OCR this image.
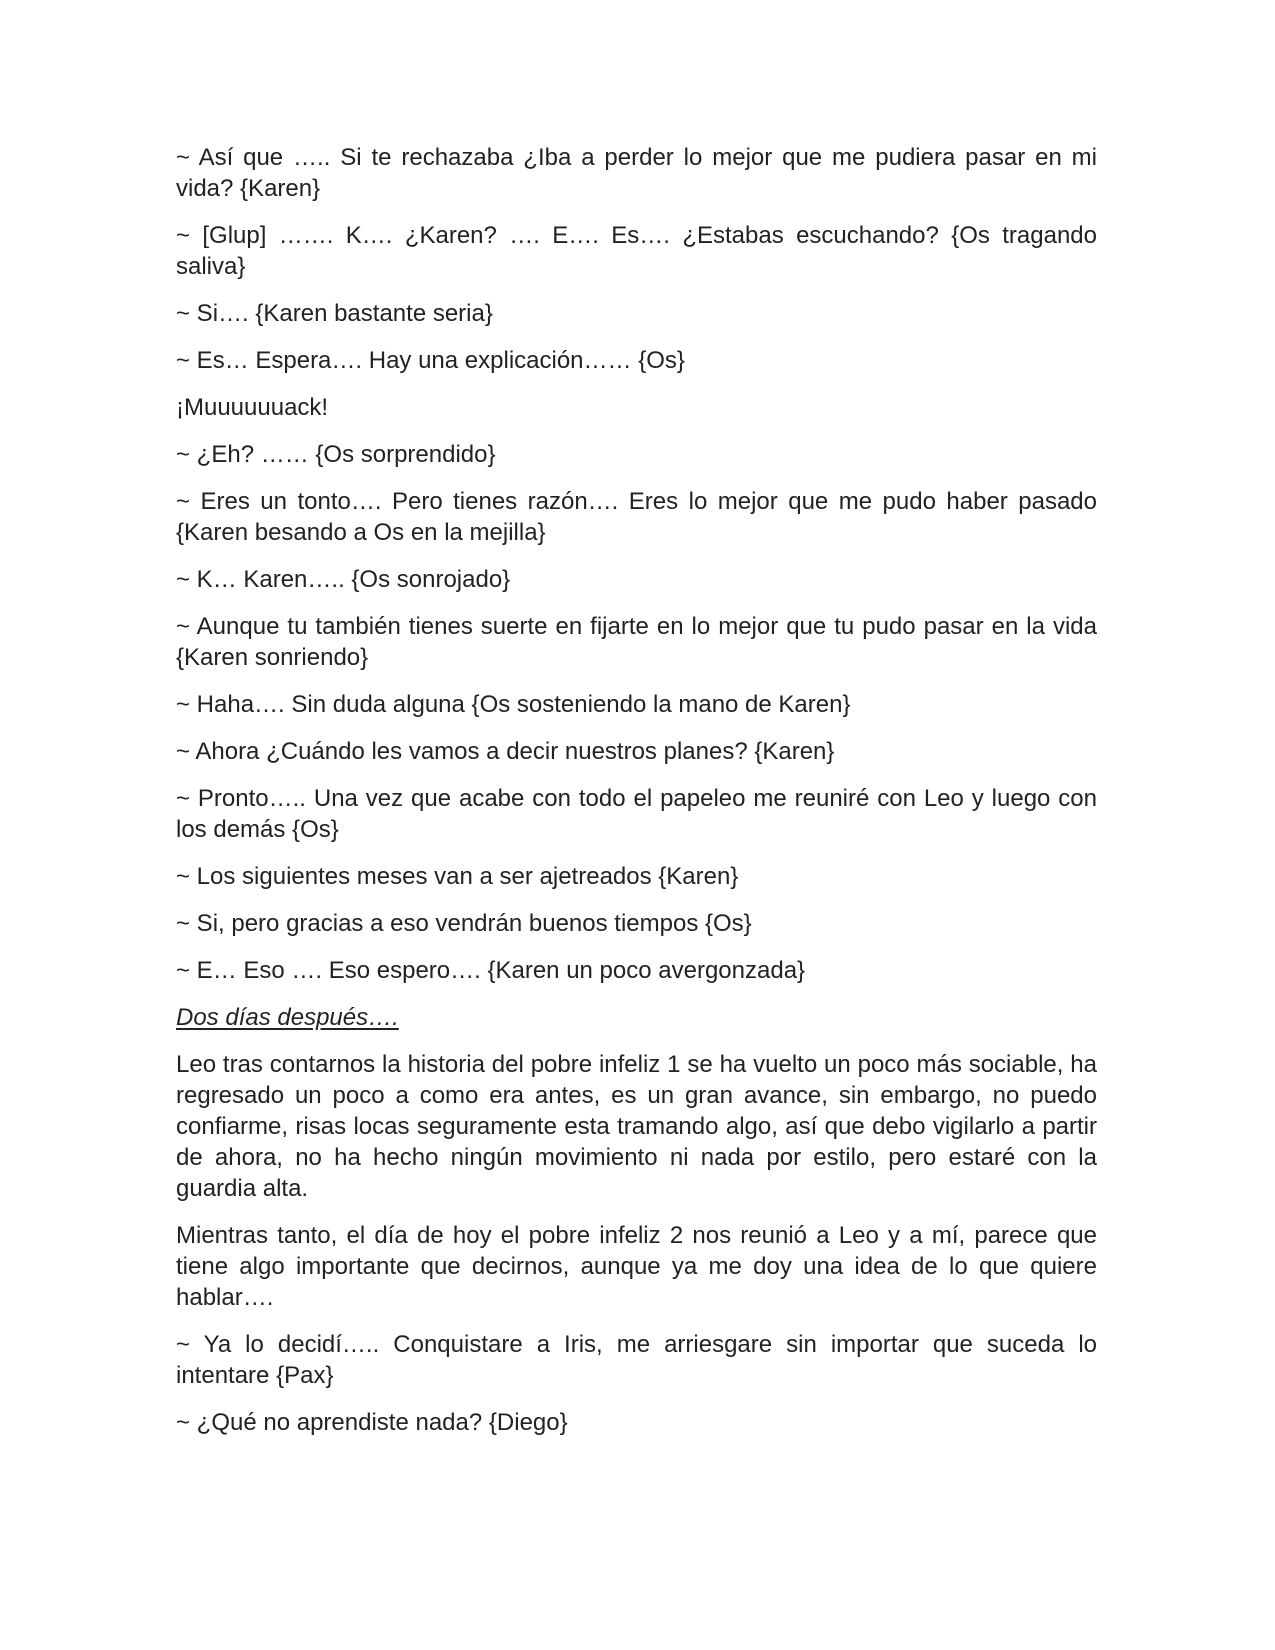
~ Así que ….. Si te rechazaba ¿Iba a perder lo mejor que me pudiera pasar en mi vida? {Karen}

~ [Glup] ……. K…. ¿Karen? …. E…. Es…. ¿Estabas escuchando? {Os tragando saliva}

~ Si…. {Karen bastante seria}

~ Es… Espera…. Hay una explicación…… {Os}

¡Muuuuuuack!

~ ¿Eh? …… {Os sorprendido}

~ Eres un tonto…. Pero tienes razón…. Eres lo mejor que me pudo haber pasado {Karen besando a Os en la mejilla}

~ K… Karen….. {Os sonrojado}

~ Aunque tu también tienes suerte en fijarte en lo mejor que tu pudo pasar en la vida {Karen sonriendo}

~ Haha…. Sin duda alguna {Os sosteniendo la mano de Karen}

~ Ahora ¿Cuándo les vamos a decir nuestros planes? {Karen}

~ Pronto….. Una vez que acabe con todo el papeleo me reuniré con Leo y luego con los demás {Os}

~ Los siguientes meses van a ser ajetreados {Karen}

~ Si, pero gracias a eso vendrán buenos tiempos {Os}

~ E… Eso …. Eso espero…. {Karen un poco avergonzada}

Dos días después….

Leo tras contarnos la historia del pobre infeliz 1 se ha vuelto un poco más sociable, ha regresado un poco a como era antes, es un gran avance, sin embargo, no puedo confiarme, risas locas seguramente esta tramando algo, así que debo vigilarlo a partir de ahora, no ha hecho ningún movimiento ni nada por estilo, pero estaré con la guardia alta.

Mientras tanto, el día de hoy el pobre infeliz 2 nos reunió a Leo y a mí, parece que tiene algo importante que decirnos, aunque ya me doy una idea de lo que quiere hablar….

~ Ya lo decidí….. Conquistare a Iris, me arriesgare sin importar que suceda lo intentare {Pax}

~ ¿Qué no aprendiste nada? {Diego}
